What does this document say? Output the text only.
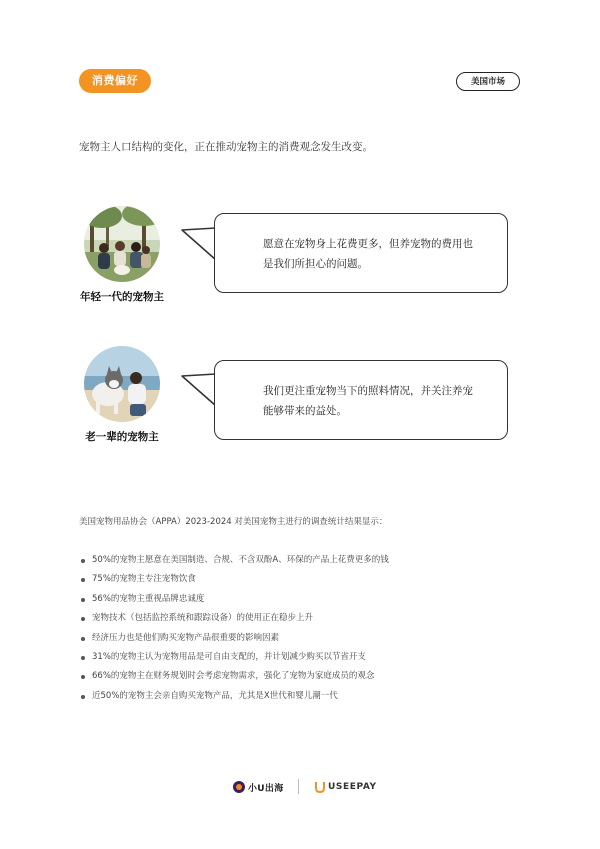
消费偏好	美国市场
宠物主人口结构的变化，正在推动宠物主的消费观念发生改变。
年轻一代的宠物主
愿意在宠物身上花费更多，但养宠物的费用也是我们所担心的问题。
老一辈的宠物主
我们更注重宠物当下的照料情况，并关注养宠能够带来的益处。
美国宠物用品协会（APPA）2023-2024 对美国宠物主进行的调查统计结果显示：
50%的宠物主愿意在美国制造、合规、不含双酚A、环保的产品上花费更多的钱
75%的宠物主专注宠物饮食
56%的宠物主重视品牌忠诚度
宠物技术（包括监控系统和跟踪设备）的使用正在稳步上升
经济压力也是他们购买宠物产品很重要的影响因素
31%的宠物主认为宠物用品是可自由支配的，并计划减少购买以节省开支
66%的宠物主在财务规划时会考虑宠物需求，强化了宠物为家庭成员的观念
近50%的宠物主会亲自购买宠物产品，尤其是X世代和婴儿潮一代
小U出海	USEEPAY
